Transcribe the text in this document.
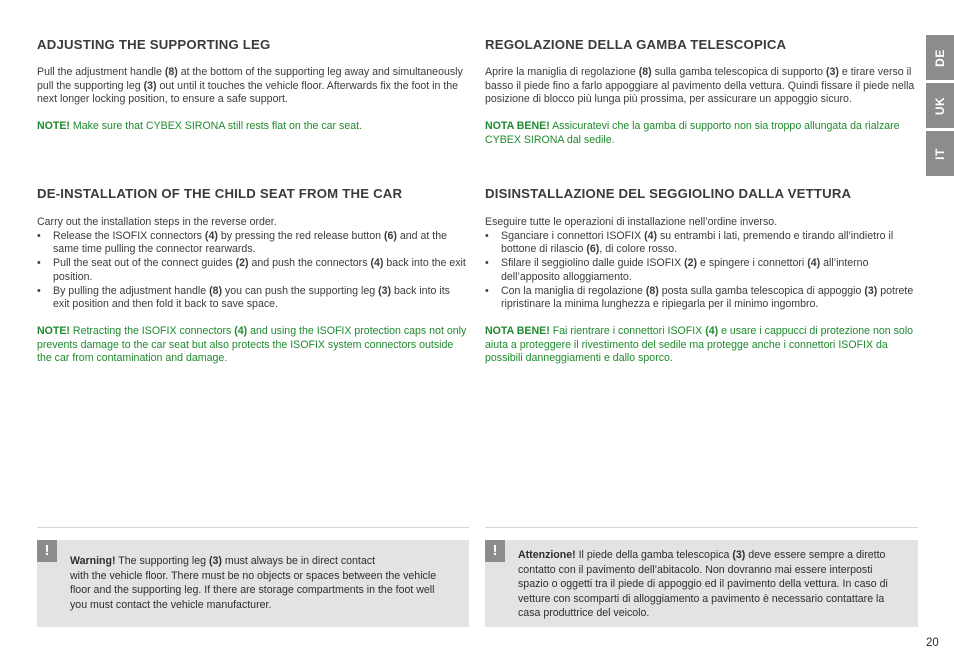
ADJUSTING THE SUPPORTING LEG

Pull the adjustment handle (8) at the bottom of the supporting leg away and simultaneously pull the supporting leg (3) out until it touches the vehicle floor. Afterwards fix the foot in the next longer locking position, to ensure a safe support.

NOTE! Make sure that CYBEX SIRONA still rests flat on the car seat.

DE-INSTALLATION OF THE CHILD SEAT FROM THE CAR

Carry out the installation steps in the reverse order.

• Release the ISOFIX connectors (4) by pressing the red release button (6) and at the same time pulling the connector rearwards.
• Pull the seat out of the connect guides (2) and push the connectors (4) back into the exit position.
• By pulling the adjustment handle (8) you can push the supporting leg (3) back into its exit position and then fold it back to save space.

NOTE! Retracting the ISOFIX connectors (4) and using the ISOFIX protection caps not only prevents damage to the car seat but also protects the ISOFIX system connectors outside the car from contamination and damage.

REGOLAZIONE DELLA GAMBA TELESCOPICA

Aprire la maniglia di regolazione (8) sulla gamba telescopica di supporto (3) e tirare verso il basso il piede fino a farlo appoggiare al pavimento della vettura. Quindi fissare il piede nella posizione di blocco più lunga più prossima, per assicurare un appoggio sicuro.

NOTA BENE! Assicuratevi che la gamba di supporto non sia troppo allungata da rialzare CYBEX SIRONA dal sedile.

DISINSTALLAZIONE DEL SEGGIOLINO DALLA VETTURA

Eseguire tutte le operazioni di installazione nell’ordine inverso.

• Sganciare i connettori ISOFIX (4) su entrambi i lati, premendo e tirando all’indietro il bottone di rilascio (6), di colore rosso.
• Sfilare il seggiolino dalle guide ISOFIX (2) e spingere i connettori (4) all’interno dell’apposito alloggiamento.
• Con la maniglia di regolazione (8) posta sulla gamba telescopica di appoggio (3) potrete ripristinare la minima lunghezza e ripiegarla per il minimo ingombro.

NOTA BENE! Fai rientrare i connettori ISOFIX (4) e usare i cappucci di protezione non solo aiuta a proteggere il rivestimento del sedile ma protegge anche i connettori ISOFIX da possibili danneggiamenti e dallo sporco.

!
Warning! The supporting leg (3) must always be in direct contact
with the vehicle floor. There must be no objects or spaces between the vehicle floor and the supporting leg. If there are storage compartments in the foot well you must contact the vehicle manufacturer.
!	Attenzione! Il piede della gamba telescopica (3) deve essere sempre a diretto contatto con il pavimento dell’abitacolo. Non dovranno mai essere interposti spazio o oggetti tra il piede di appoggio ed il pavimento della vettura. In caso di vetture con scomparti di alloggiamento a pavimento è necessario contattare la casa produttrice del veicolo.
DE
UK
IT
20
